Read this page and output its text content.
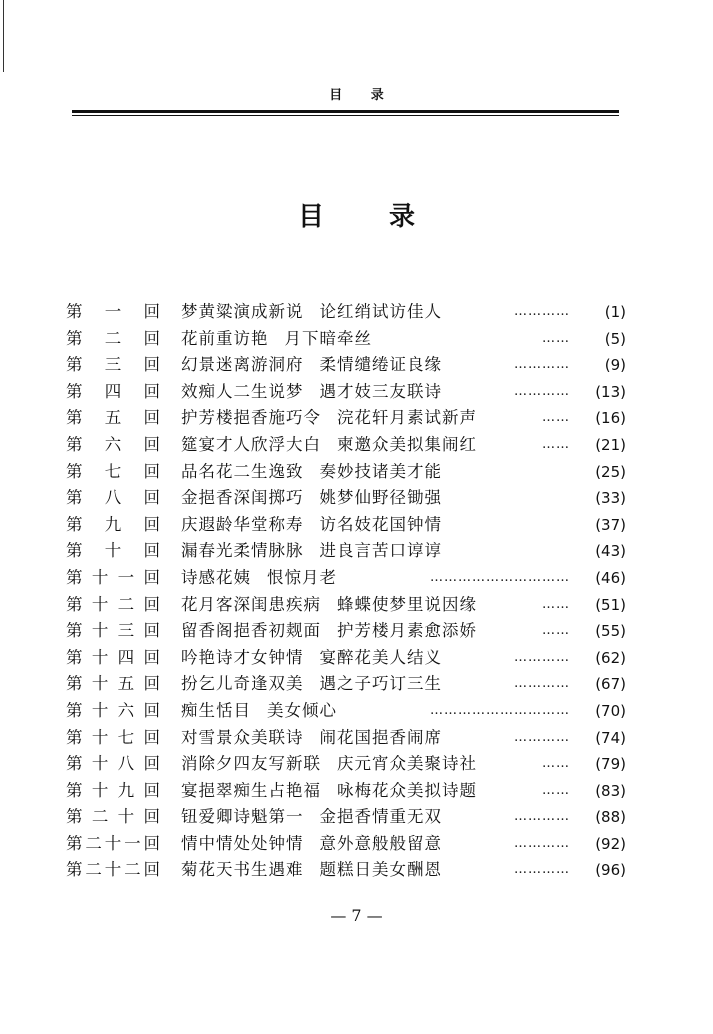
目 录
目	录
第 一 回 梦黄粱演成新说 论红绡试访佳人	…………	(1)
第 二 回 花前重访艳 月下暗牵丝	……	(5)
第 三 回 幻景迷离游洞府 柔情缱绻证良缘	…………	(9)
第 四 回 效痴人二生说梦 遇才妓三友联诗	…………	(13)
第 五 回 护芳楼挹香施巧令 浣花轩月素试新声	……	(16)
第 六 回 筵宴才人欣浮大白 柬邀众美拟集闹红	……	(21)
第 七 回 品名花二生逸致 奏妙技诸美才能	(25)
第 八 回 金挹香深闺掷巧 姚梦仙野径锄强	(33)
第 九 回 庆遐龄华堂称寿 访名妓花国钟情	(37)
第 十 回 漏春光柔情脉脉 进良言苦口谆谆	(43)
第 十 一 回 诗感花姨 恨惊月老	…………………………	(46)
第 十 二 回 花月客深闺患疾病 蜂蝶使梦里说因缘	……	(51)
第 十 三 回 留香阁挹香初觌面 护芳楼月素愈添娇	……	(55)
第 十 四 回 吟艳诗才女钟情 宴醉花美人结义	…………	(62)
第 十 五 回 扮乞儿奇逢双美 遇之子巧订三生	…………	(67)
第 十 六 回 痴生恬目 美女倾心	…………………………	(70)
第 十 七 回 对雪景众美联诗 闹花国挹香闹席	…………	(74)
第 十 八 回 消除夕四友写新联 庆元宵众美聚诗社	……	(79)
第 十 九 回 宴挹翠痴生占艳福 咏梅花众美拟诗题	……	(83)
第 二 十 回 钮爱卿诗魁第一 金挹香情重无双	…………	(88)
第 二 十 一 回 情中情处处钟情 意外意般般留意	…………	(92)
第 二 十 二 回 菊花天书生遇难 题糕日美女酬恩	…………	(96)
— 7 —
